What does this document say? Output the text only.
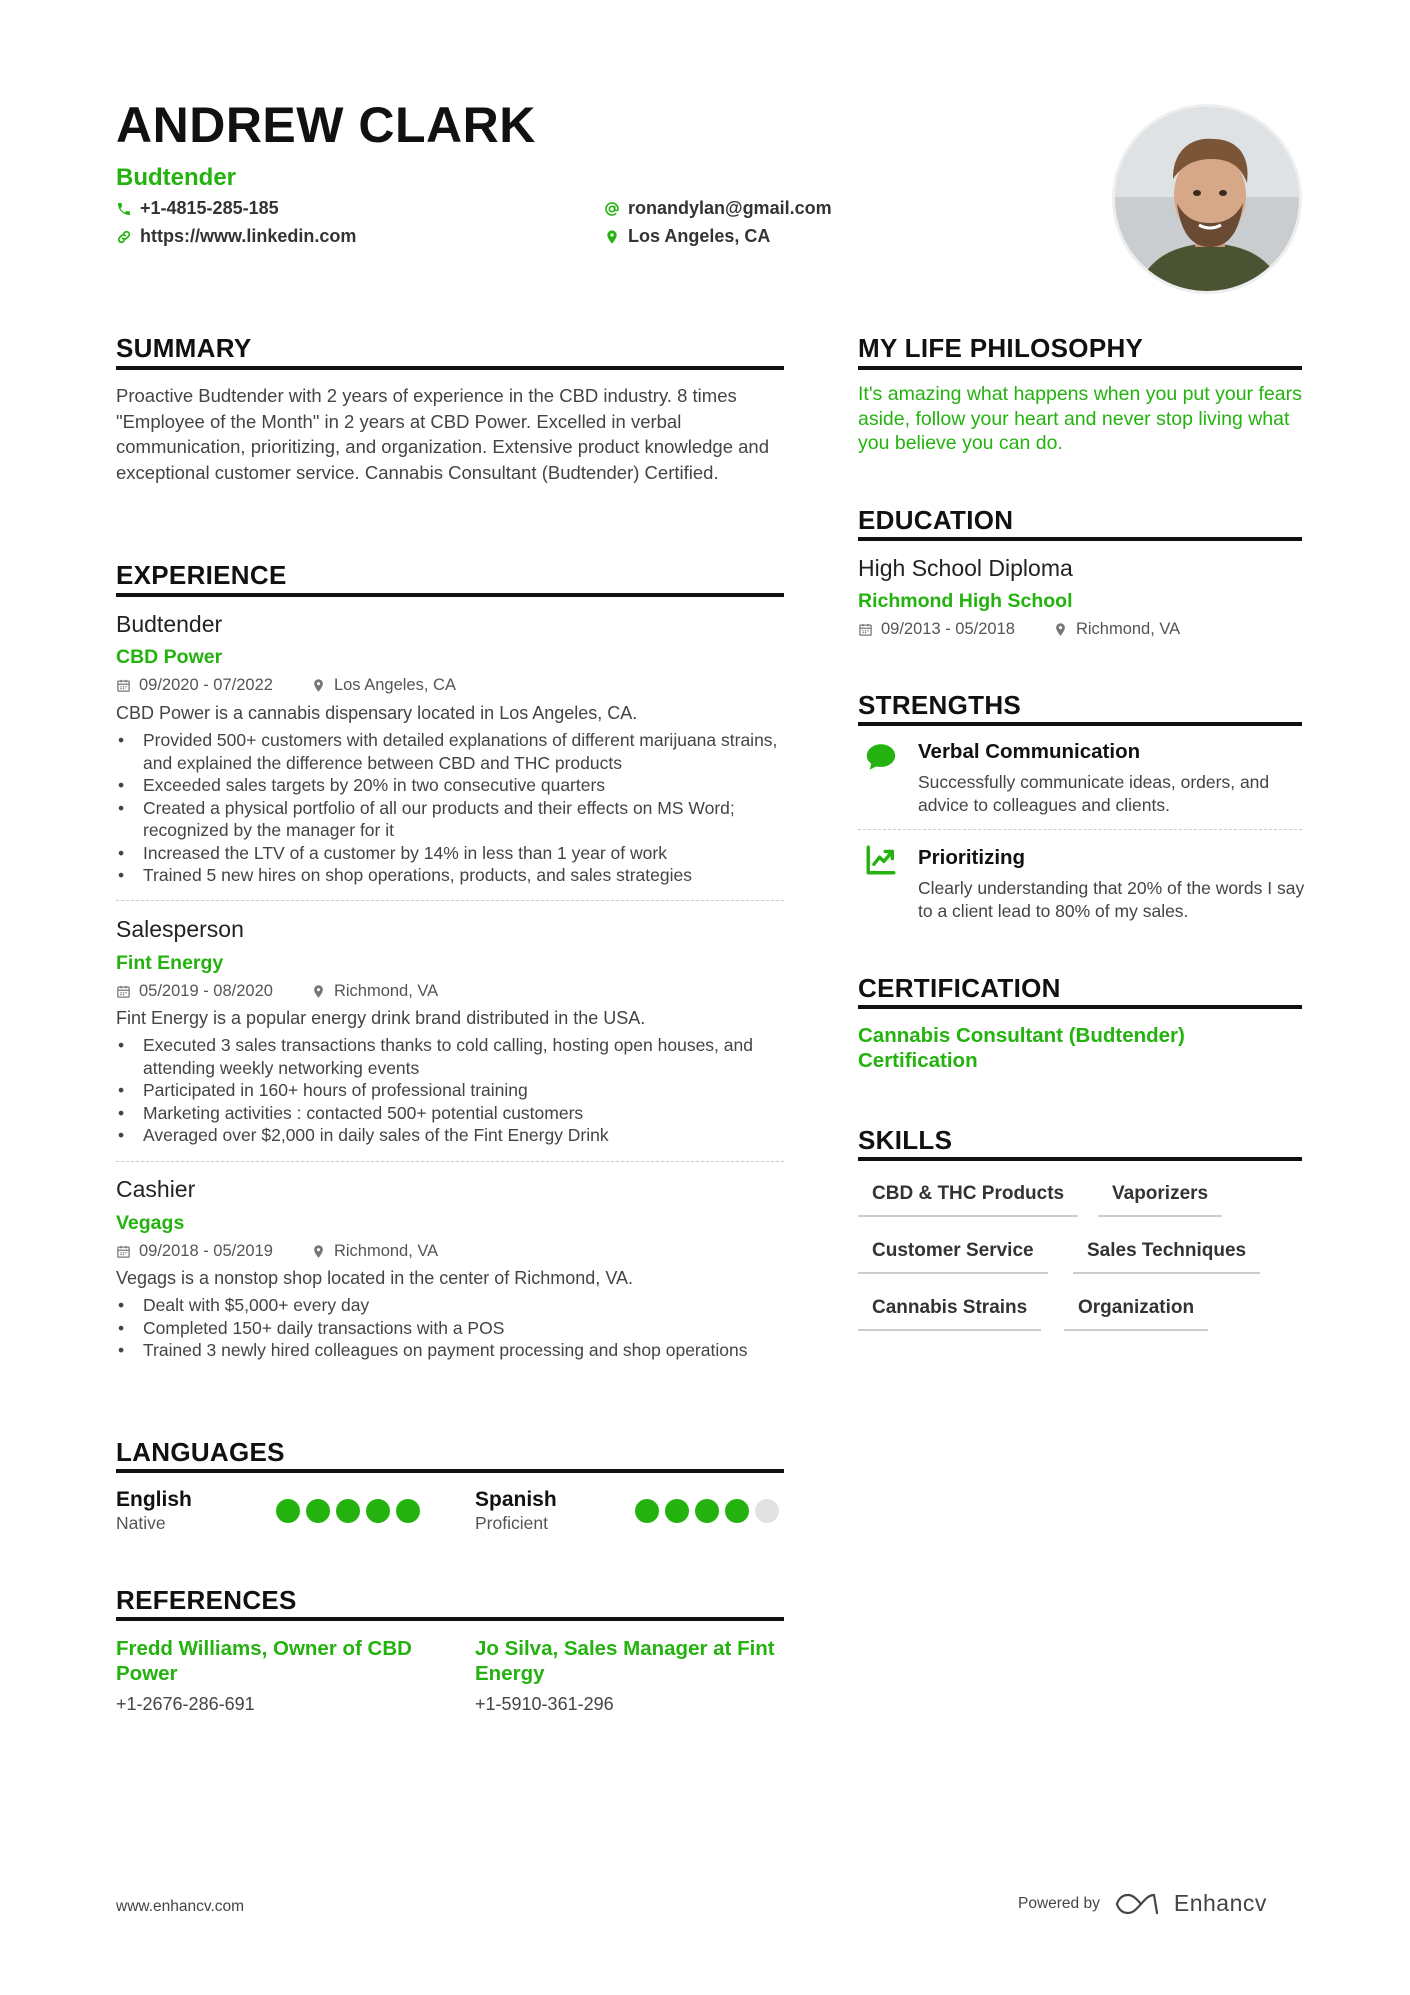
ANDREW CLARK
Budtender
+1-4815-285-185
https://www.linkedin.com
ronandylan@gmail.com
Los Angeles, CA
SUMMARY
Proactive Budtender with 2 years of experience in the CBD industry. 8 times "Employee of the Month" in 2 years at CBD Power. Excelled in verbal communication, prioritizing, and organization. Extensive product knowledge and exceptional customer service. Cannabis Consultant (Budtender) Certified.
EXPERIENCE
Budtender
CBD Power
09/2020 - 07/2022	Los Angeles, CA
CBD Power is a cannabis dispensary located in Los Angeles, CA.
• Provided 500+ customers with detailed explanations of different marijuana strains, and explained the difference between CBD and THC products
• Exceeded sales targets by 20% in two consecutive quarters
• Created a physical portfolio of all our products and their effects on MS Word; recognized by the manager for it
• Increased the LTV of a customer by 14% in less than 1 year of work
• Trained 5 new hires on shop operations, products, and sales strategies
Salesperson
Fint Energy
05/2019 - 08/2020	Richmond, VA
Fint Energy is a popular energy drink brand distributed in the USA.
• Executed 3 sales transactions thanks to cold calling, hosting open houses, and attending weekly networking events
• Participated in 160+ hours of professional training
• Marketing activities : contacted 500+ potential customers
• Averaged over $2,000 in daily sales of the Fint Energy Drink
Cashier
Vegags
09/2018 - 05/2019	Richmond, VA
Vegags is a nonstop shop located in the center of Richmond, VA.
• Dealt with $5,000+ every day
• Completed 150+ daily transactions with a POS
• Trained 3 newly hired colleagues on payment processing and shop operations
LANGUAGES
English
Native
Spanish
Proficient
REFERENCES
Fredd Williams, Owner of CBD Power
+1-2676-286-691
Jo Silva, Sales Manager at Fint Energy
+1-5910-361-296
MY LIFE PHILOSOPHY
It's amazing what happens when you put your fears aside, follow your heart and never stop living what you believe you can do.
EDUCATION
High School Diploma
Richmond High School
09/2013 - 05/2018	Richmond, VA
STRENGTHS
Verbal Communication
Successfully communicate ideas, orders, and advice to colleagues and clients.
Prioritizing
Clearly understanding that 20% of the words I say to a client lead to 80% of my sales.
CERTIFICATION
Cannabis Consultant (Budtender) Certification
SKILLS
CBD & THC Products	Vaporizers
Customer Service	Sales Techniques
Cannabis Strains	Organization
www.enhancv.com	Powered by	Enhancv
